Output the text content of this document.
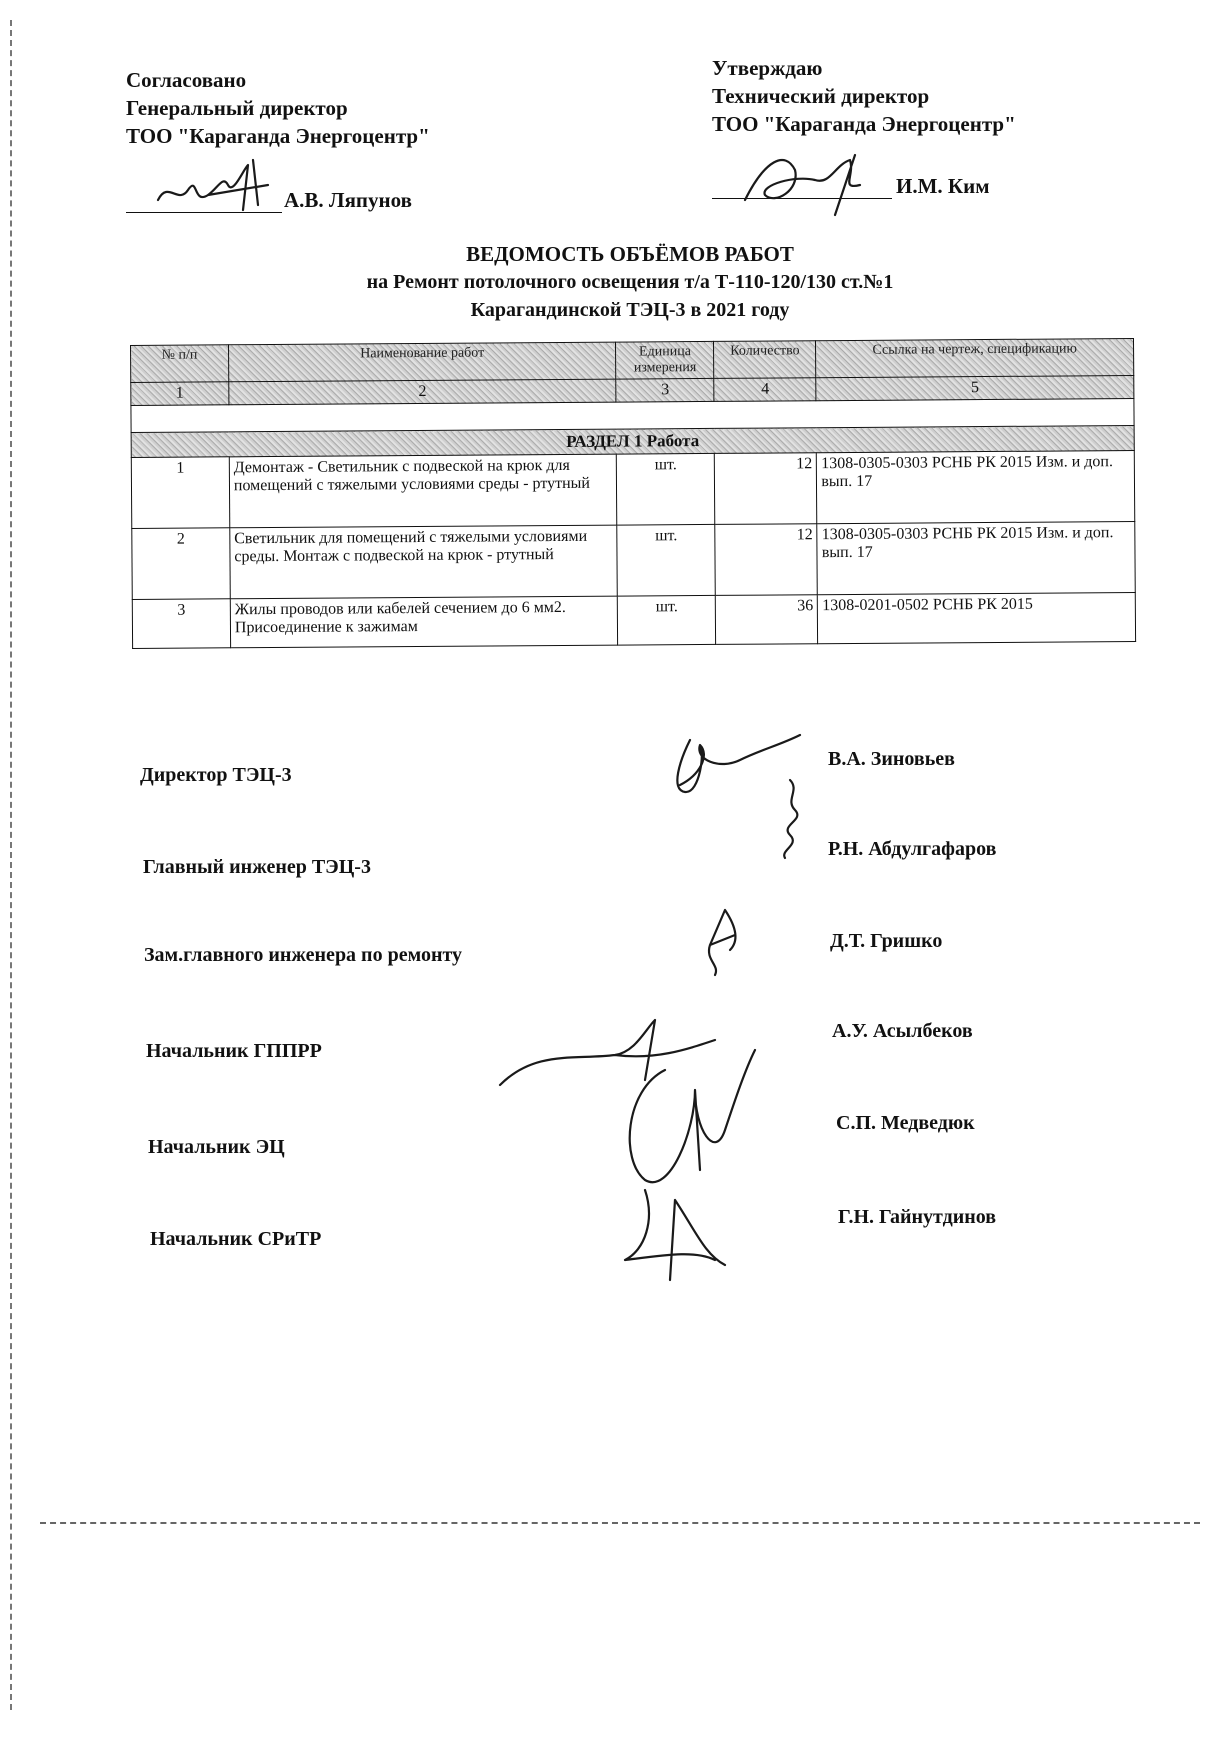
Согласовано
Генеральный директор
ТОО "Караганда Энергоцентр"
А.В. Ляпунов
Утверждаю
Технический директор
ТОО "Караганда Энергоцентр"
И.М. Ким
ВЕДОМОСТЬ ОБЪЁМОВ РАБОТ
на Ремонт потолочного освещения т/а Т-110-120/130 ст.№1
Карагандинской ТЭЦ-3 в 2021 году
№ п/п	Наименование работ	Единица измерения	Количество	Ссылка на чертеж, спецификацию
1	2	3	4	5

РАЗДЕЛ 1 Работа				
1	Демонтаж - Светильник с подвеской на крюк для помещений с тяжелыми условиями среды - ртутный	шт.	12	1308-0305-0303 РСНБ РК 2015 Изм. и доп. вып. 17
2	Светильник для помещений с тяжелыми условиями среды. Монтаж с подвеской на крюк - ртутный	шт.	12	1308-0305-0303 РСНБ РК 2015 Изм. и доп. вып. 17
3	Жилы проводов или кабелей сечением до 6 мм2. Присоединение к зажимам	шт.	36	1308-0201-0502 РСНБ РК 2015
Директор ТЭЦ-3
В.А. Зиновьев
Главный инженер ТЭЦ-3
Р.Н. Абдулгафаров
Зам.главного инженера по ремонту
Д.Т. Гришко
Начальник ГППРР
А.У. Асылбеков
Начальник ЭЦ
С.П. Медведюк
Начальник СРиТР
Г.Н. Гайнутдинов
